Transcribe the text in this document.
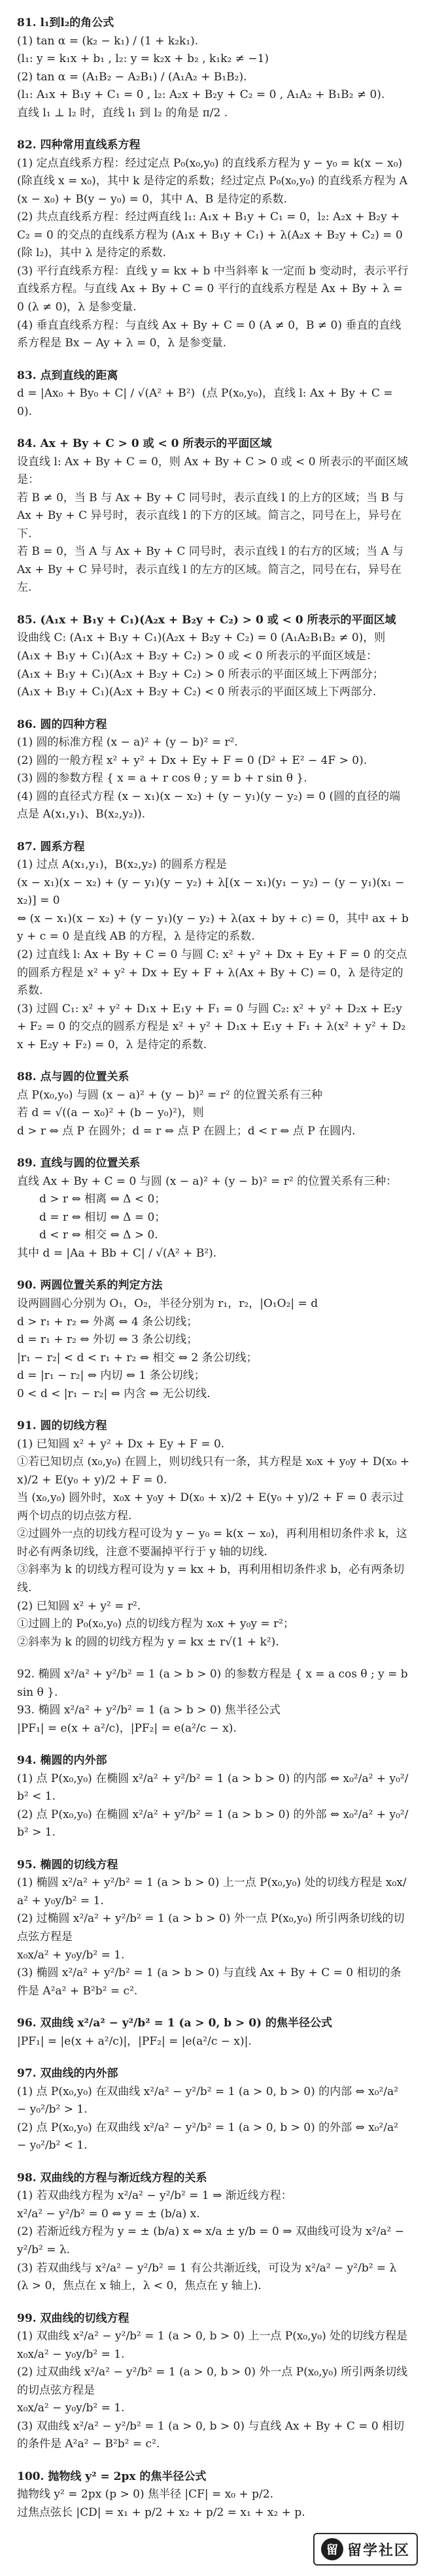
81. l₁到l₂的角公式

(1) tan α = (k₂ − k₁) / (1 + k₂k₁).

(l₁: y = k₁x + b₁ , l₂: y = k₂x + b₂ , k₁k₂ ≠ −1)

(2) tan α = (A₁B₂ − A₂B₁) / (A₁A₂ + B₁B₂).

(l₁: A₁x + B₁y + C₁ = 0 , l₂: A₂x + B₂y + C₂ = 0 , A₁A₂ + B₁B₂ ≠ 0).

直线 l₁ ⊥ l₂ 时，直线 l₁ 到 l₂ 的角是 π/2 .

82. 四种常用直线系方程

(1) 定点直线系方程：经过定点 P₀(x₀,y₀) 的直线系方程为 y − y₀ = k(x − x₀) (除直线 x = x₀)，其中 k 是待定的系数；经过定点 P₀(x₀,y₀) 的直线系方程为 A(x − x₀) + B(y − y₀) = 0，其中 A、B 是待定的系数.

(2) 共点直线系方程：经过两直线 l₁: A₁x + B₁y + C₁ = 0，l₂: A₂x + B₂y + C₂ = 0 的交点的直线系方程为 (A₁x + B₁y + C₁) + λ(A₂x + B₂y + C₂) = 0 (除 l₂)，其中 λ 是待定的系数.

(3) 平行直线系方程：直线 y = kx + b 中当斜率 k 一定而 b 变动时，表示平行直线系方程。与直线 Ax + By + C = 0 平行的直线系方程是 Ax + By + λ = 0 (λ ≠ 0)，λ 是参变量.

(4) 垂直直线系方程：与直线 Ax + By + C = 0 (A ≠ 0，B ≠ 0) 垂直的直线系方程是 Bx − Ay + λ = 0，λ 是参变量.

83. 点到直线的距离

d = |Ax₀ + By₀ + C| / √(A² + B²)  (点 P(x₀,y₀)，直线 l: Ax + By + C = 0).

84. Ax + By + C > 0 或 < 0 所表示的平面区域

设直线 l: Ax + By + C = 0，则 Ax + By + C > 0 或 < 0 所表示的平面区域是：

若 B ≠ 0，当 B 与 Ax + By + C 同号时，表示直线 l 的上方的区域；当 B 与 Ax + By + C 异号时，表示直线 l 的下方的区域。简言之，同号在上，异号在下.

若 B = 0，当 A 与 Ax + By + C 同号时，表示直线 l 的右方的区域；当 A 与 Ax + By + C 异号时，表示直线 l 的左方的区域。简言之，同号在右，异号在左.

85. (A₁x + B₁y + C₁)(A₂x + B₂y + C₂) > 0 或 < 0 所表示的平面区域

设曲线 C: (A₁x + B₁y + C₁)(A₂x + B₂y + C₂) = 0 (A₁A₂B₁B₂ ≠ 0)，则

(A₁x + B₁y + C₁)(A₂x + B₂y + C₂) > 0 或 < 0 所表示的平面区域是：

(A₁x + B₁y + C₁)(A₂x + B₂y + C₂) > 0 所表示的平面区域上下两部分；

(A₁x + B₁y + C₁)(A₂x + B₂y + C₂) < 0 所表示的平面区域上下两部分.

86. 圆的四种方程

(1) 圆的标准方程 (x − a)² + (y − b)² = r².

(2) 圆的一般方程 x² + y² + Dx + Ey + F = 0 (D² + E² − 4F > 0).

(3) 圆的参数方程 { x = a + r cos θ ; y = b + r sin θ }.

(4) 圆的直径式方程 (x − x₁)(x − x₂) + (y − y₁)(y − y₂) = 0 (圆的直径的端点是 A(x₁,y₁)、B(x₂,y₂)).

87. 圆系方程

(1) 过点 A(x₁,y₁)，B(x₂,y₂) 的圆系方程是

(x − x₁)(x − x₂) + (y − y₁)(y − y₂) + λ[(x − x₁)(y₁ − y₂) − (y − y₁)(x₁ − x₂)] = 0

⇔ (x − x₁)(x − x₂) + (y − y₁)(y − y₂) + λ(ax + by + c) = 0，其中 ax + by + c = 0 是直线 AB 的方程，λ 是待定的系数.

(2) 过直线 l: Ax + By + C = 0 与圆 C: x² + y² + Dx + Ey + F = 0 的交点的圆系方程是 x² + y² + Dx + Ey + F + λ(Ax + By + C) = 0，λ 是待定的系数.

(3) 过圆 C₁: x² + y² + D₁x + E₁y + F₁ = 0 与圆 C₂: x² + y² + D₂x + E₂y + F₂ = 0 的交点的圆系方程是 x² + y² + D₁x + E₁y + F₁ + λ(x² + y² + D₂x + E₂y + F₂) = 0，λ 是待定的系数.

88. 点与圆的位置关系

点 P(x₀,y₀) 与圆 (x − a)² + (y − b)² = r² 的位置关系有三种

若 d = √((a − x₀)² + (b − y₀)²)，则

d > r ⇔ 点 P 在圆外；d = r ⇔ 点 P 在圆上；d < r ⇔ 点 P 在圆内.

89. 直线与圆的位置关系

直线 Ax + By + C = 0 与圆 (x − a)² + (y − b)² = r² 的位置关系有三种：

d > r ⇔ 相离 ⇔ Δ < 0；

d = r ⇔ 相切 ⇔ Δ = 0；

d < r ⇔ 相交 ⇔ Δ > 0.

其中 d = |Aa + Bb + C| / √(A² + B²).

90. 两圆位置关系的判定方法

设两圆圆心分别为 O₁，O₂，半径分别为 r₁，r₂，|O₁O₂| = d

d > r₁ + r₂ ⇔ 外离 ⇔ 4 条公切线；

d = r₁ + r₂ ⇔ 外切 ⇔ 3 条公切线；

|r₁ − r₂| < d < r₁ + r₂ ⇔ 相交 ⇔ 2 条公切线；

d = |r₁ − r₂| ⇔ 内切 ⇔ 1 条公切线；

0 < d < |r₁ − r₂| ⇔ 内含 ⇔ 无公切线.

91. 圆的切线方程

(1) 已知圆 x² + y² + Dx + Ey + F = 0.

①若已知切点 (x₀,y₀) 在圆上，则切线只有一条，其方程是 x₀x + y₀y + D(x₀ + x)/2 + E(y₀ + y)/2 + F = 0.

当 (x₀,y₀) 圆外时，x₀x + y₀y + D(x₀ + x)/2 + E(y₀ + y)/2 + F = 0 表示过两个切点的切点弦方程.

②过圆外一点的切线方程可设为 y − y₀ = k(x − x₀)，再利用相切条件求 k，这时必有两条切线，注意不要漏掉平行于 y 轴的切线.

③斜率为 k 的切线方程可设为 y = kx + b，再利用相切条件求 b，必有两条切线.

(2) 已知圆 x² + y² = r².

①过圆上的 P₀(x₀,y₀) 点的切线方程为 x₀x + y₀y = r²；

②斜率为 k 的圆的切线方程为 y = kx ± r√(1 + k²).

92. 椭圆 x²/a² + y²/b² = 1 (a > b > 0) 的参数方程是 { x = a cos θ ; y = b sin θ }.

93. 椭圆 x²/a² + y²/b² = 1 (a > b > 0) 焦半径公式

|PF₁| = e(x + a²/c)，|PF₂| = e(a²/c − x).

94. 椭圆的内外部

(1) 点 P(x₀,y₀) 在椭圆 x²/a² + y²/b² = 1 (a > b > 0) 的内部 ⇔ x₀²/a² + y₀²/b² < 1.

(2) 点 P(x₀,y₀) 在椭圆 x²/a² + y²/b² = 1 (a > b > 0) 的外部 ⇔ x₀²/a² + y₀²/b² > 1.

95. 椭圆的切线方程

(1) 椭圆 x²/a² + y²/b² = 1 (a > b > 0) 上一点 P(x₀,y₀) 处的切线方程是 x₀x/a² + y₀y/b² = 1.

(2) 过椭圆 x²/a² + y²/b² = 1 (a > b > 0) 外一点 P(x₀,y₀) 所引两条切线的切点弦方程是

x₀x/a² + y₀y/b² = 1.

(3) 椭圆 x²/a² + y²/b² = 1 (a > b > 0) 与直线 Ax + By + C = 0 相切的条件是 A²a² + B²b² = c².

96. 双曲线 x²/a² − y²/b² = 1 (a > 0, b > 0) 的焦半径公式

|PF₁| = |e(x + a²/c)|，|PF₂| = |e(a²/c − x)|.

97. 双曲线的内外部

(1) 点 P(x₀,y₀) 在双曲线 x²/a² − y²/b² = 1 (a > 0, b > 0) 的内部 ⇔ x₀²/a² − y₀²/b² > 1.

(2) 点 P(x₀,y₀) 在双曲线 x²/a² − y²/b² = 1 (a > 0, b > 0) 的外部 ⇔ x₀²/a² − y₀²/b² < 1.

98. 双曲线的方程与渐近线方程的关系

(1) 若双曲线方程为 x²/a² − y²/b² = 1 ⇒ 渐近线方程：

x²/a² − y²/b² = 0 ⇔ y = ± (b/a) x.

(2) 若渐近线方程为 y = ± (b/a) x ⇔ x/a ± y/b = 0 ⇒ 双曲线可设为 x²/a² − y²/b² = λ.

(3) 若双曲线与 x²/a² − y²/b² = 1 有公共渐近线，可设为 x²/a² − y²/b² = λ (λ > 0，焦点在 x 轴上，λ < 0，焦点在 y 轴上).

99. 双曲线的切线方程

(1) 双曲线 x²/a² − y²/b² = 1 (a > 0, b > 0) 上一点 P(x₀,y₀) 处的切线方程是 x₀x/a² − y₀y/b² = 1.

(2) 过双曲线 x²/a² − y²/b² = 1 (a > 0, b > 0) 外一点 P(x₀,y₀) 所引两条切线的切点弦方程是

x₀x/a² − y₀y/b² = 1.

(3) 双曲线 x²/a² − y²/b² = 1 (a > 0, b > 0) 与直线 Ax + By + C = 0 相切的条件是 A²a² − B²b² = c².

100. 抛物线 y² = 2px 的焦半径公式

抛物线 y² = 2px (p > 0) 焦半径 |CF| = x₀ + p/2.

过焦点弦长 |CD| = x₁ + p/2 + x₂ + p/2 = x₁ + x₂ + p.

留 留学社区
